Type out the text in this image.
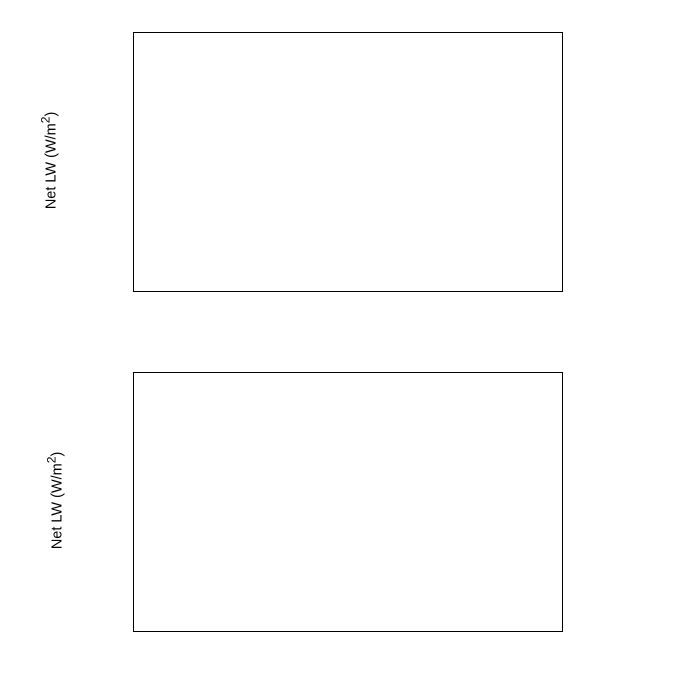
Net LW $(W/m^2)$
Net LW $(W/m^2)$
